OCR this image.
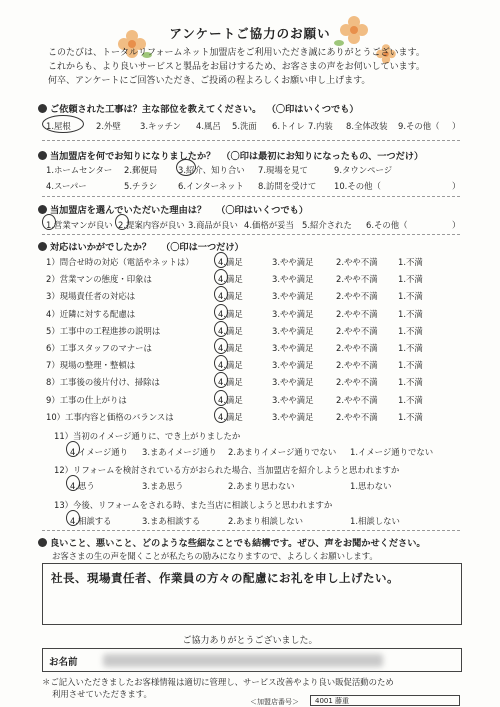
アンケートご協力のお願い
このたびは、トータルリフォームネット加盟店をご利用いただき誠にありがとうございます。
これからも、より良いサービスと製品をお届けするため、お客さまの声をお伺いしています。
何卒、アンケートにご回答いただき、ご投函の程よろしくお願い申し上げます。
ご依頼された工事は？主な部位を教えてください。 （〇印はいくつでも）
1.屋根	2.外壁 3.キッチン 4.風呂 5.洗面 6.トイレ 7.内装 8.全体改装 9.その他（ ）
当加盟店を何でお知りになりましたか？ （〇印は最初にお知りになったもの、一つだけ）
1.ホームセンター 2.郵便局 3.紹介、知り合い 7.現場を見て	9.タウンページ
4.スーパー	5.チラシ 6.インターネット 8.訪問を受けて 10.その他（	）
当加盟店を選んでいただいた理由は？ （〇印はいくつでも）
1.営業マンが良い 2.提案内容が良い 3.商品が良い 4.価格が妥当 5.紹介された 6.その他（	）
対応はいかがでしたか？ （〇印は一つだけ）
1）問合せ時の対応（電話やネットは）	4.満足	3.やや満足	2.やや不満 1.不満
2）営業マンの態度・印象は	4.満足	3.やや満足	2.やや不満 1.不満
3）現場責任者の対応は	4.満足	3.やや満足	2.やや不満 1.不満
4）近隣に対する配慮は	4.満足	3.やや満足	2.やや不満 1.不満
5）工事中の工程進捗の説明は	4.満足	3.やや満足	2.やや不満 1.不満
6）工事スタッフのマナーは	4.満足	3.やや満足	2.やや不満 1.不満
7）現場の整理・整頓は	4.満足	3.やや満足	2.やや不満 1.不満
8）工事後の後片付け、掃除は	4.満足	3.やや満足	2.やや不満 1.不満
9）工事の仕上がりは	4.満足	3.やや満足	2.やや不満 1.不満
10）工事内容と価格のバランスは	4.満足	3.やや満足	2.やや不満 1.不満
11）当初のイメージ通りに、でき上がりましたか
4.イメージ通り 3.まあイメージ通り 2.あまりイメージ通りでない 1.イメージ通りでない
12）リフォームを検討されている方がおられた場合、当加盟店を紹介しようと思われますか
4.思う	3.まあ思う	2.あまり思わない	1.思わない
13）今後、リフォームをされる時、また当店に相談しようと思われますか
4.相談する	3.まあ相談する	2.あまり相談しない	1.相談しない
良いこと、悪いこと、どのような些細なことでも結構です。ぜひ、声をお聞かせください。
お客さまの生の声を聞くことが私たちの励みになりますので、よろしくお願いします。
社長、現場責任者、作業員の方々の配慮にお礼を申し上げたい。
ご協力ありがとうございました。
お名前
＊ご記入いただきましたお客様情報は適切に管理し、サービス改善やより良い販促活動のため
利用させていただきます。
＜加盟店番号＞ 4001 藤重
